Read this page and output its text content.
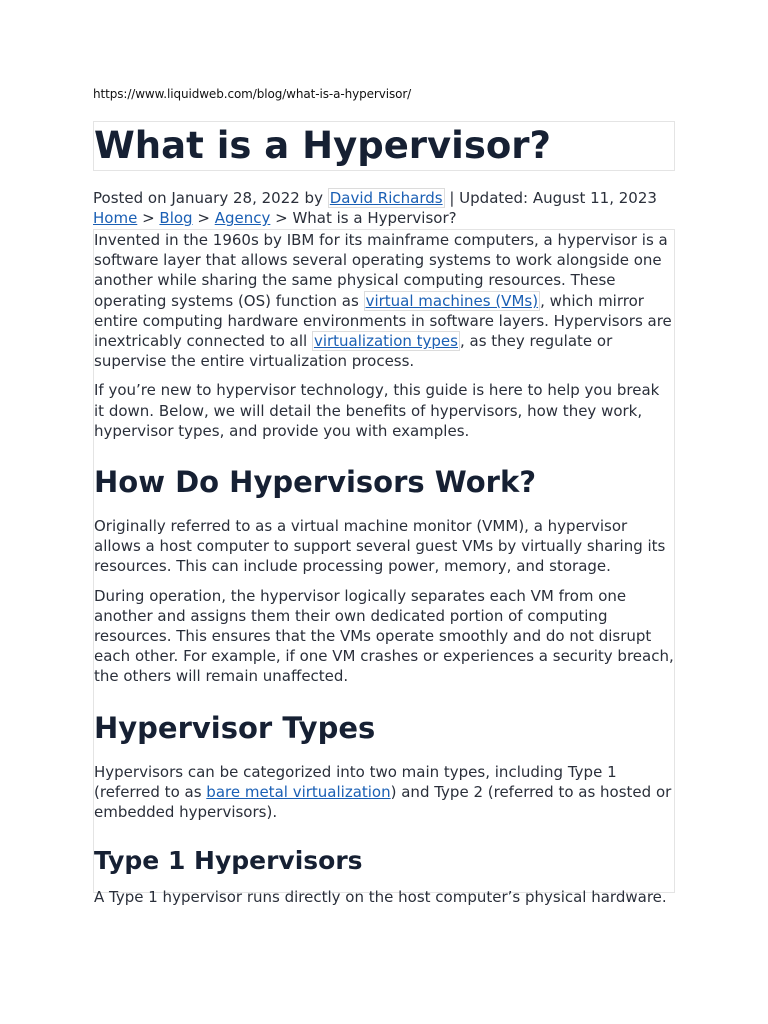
https://www.liquidweb.com/blog/what-is-a-hypervisor/
What is a Hypervisor?
Posted on January 28, 2022 by David Richards | Updated: August 11, 2023
Home > Blog > Agency > What is a Hypervisor?

Invented in the 1960s by IBM for its mainframe computers, a hypervisor is a software layer that allows several operating systems to work alongside one another while sharing the same physical computing resources. These operating systems (OS) function as virtual machines (VMs) , which mirror entire computing hardware environments in software layers. Hypervisors are inextricably connected to all virtualization types , as they regulate or supervise the entire virtualization process.

If you’re new to hypervisor technology, this guide is here to help you break it down. Below, we will detail the benefits of hypervisors, how they work, hypervisor types, and provide you with examples.

How Do Hypervisors Work?

Originally referred to as a virtual machine monitor (VMM), a hypervisor allows a host computer to support several guest VMs by virtually sharing its resources. This can include processing power, memory, and storage.

During operation, the hypervisor logically separates each VM from one another and assigns them their own dedicated portion of computing resources. This ensures that the VMs operate smoothly and do not disrupt each other. For example, if one VM crashes or experiences a security breach, the others will remain unaffected.

Hypervisor Types

Hypervisors can be categorized into two main types, including Type 1 (referred to as bare metal virtualization) and Type 2 (referred to as hosted or embedded hypervisors).

Type 1 Hypervisors

A Type 1 hypervisor runs directly on the host computer’s physical hardware.
